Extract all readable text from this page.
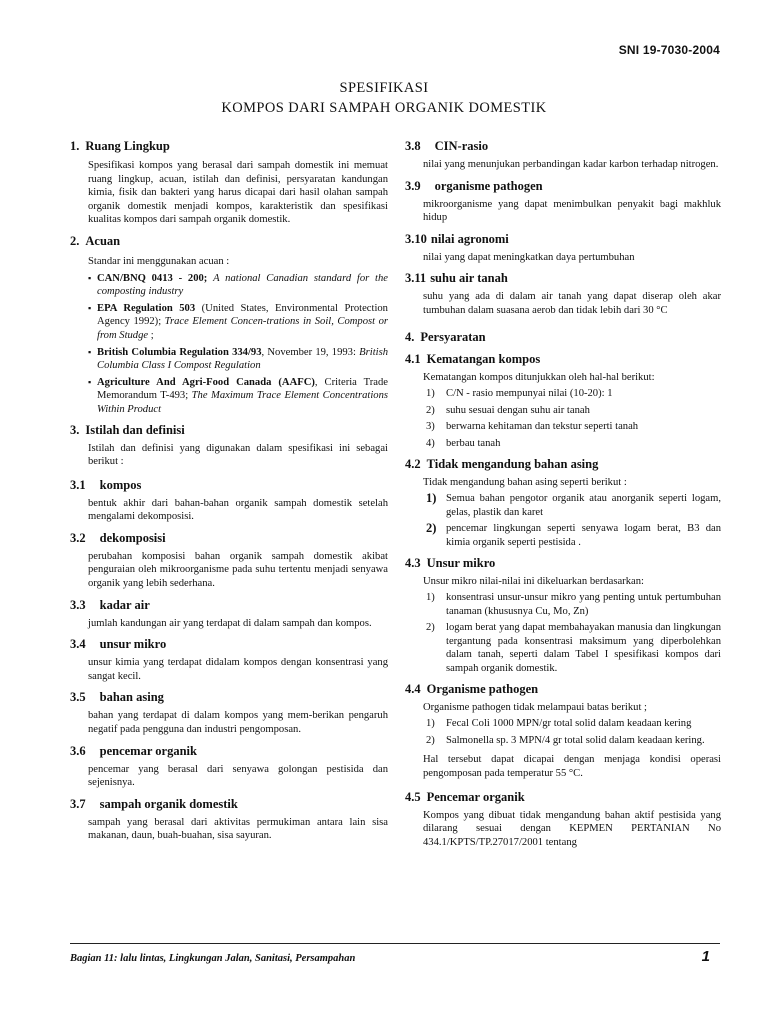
SNI 19-7030-2004
SPESIFIKASI
KOMPOS DARI SAMPAH ORGANIK DOMESTIK
1. Ruang Lingkup
Spesifikasi kompos yang berasal dari sampah domestik ini memuat ruang lingkup, acuan, istilah dan definisi, persyaratan kandungan kimia, fisik dan bakteri yang harus dicapai dari hasil olahan sampah organik domestik menjadi kompos, karakteristik dan spesifikasi kualitas kompos dari sampah organik domestik.
2. Acuan
Standar ini menggunakan acuan :
▪ CAN/BNQ 0413 - 200; A national Canadian standard for the composting industry
▪ EPA Regulation 503 (United States, Environmental Protection Agency 1992); Trace Element Concen-trations in Soil, Compost or from Studge ;
▪ British Columbia Regulation 334/93, November 19, 1993: British Columbia Class I Compost Regulation
▪ Agriculture And Agri-Food Canada (AAFC), Criteria Trade Memorandum T-493; The Maximum Trace Element Concentrations Within Product
3. Istilah dan definisi
Istilah dan definisi yang digunakan dalam spesifikasi ini sebagai berikut :
3.1 kompos
bentuk akhir dari bahan-bahan organik sampah domestik setelah mengalami dekomposisi.
3.2 dekomposisi
perubahan komposisi bahan organik sampah domestik akibat penguraian oleh mikroorganisme pada suhu tertentu menjadi senyawa organik yang lebih sederhana.
3.3 kadar air
jumlah kandungan air yang terdapat di dalam sampah dan kompos.
3.4 unsur mikro
unsur kimia yang terdapat didalam kompos dengan konsentrasi yang sangat kecil.
3.5 bahan asing
bahan yang terdapat di dalam kompos yang mem-berikan pengaruh negatif pada pengguna dan industri pengomposan.
3.6 pencemar organik
pencemar yang berasal dari senyawa golongan pestisida dan sejenisnya.
3.7 sampah organik domestik
sampah yang berasal dari aktivitas permukiman antara lain sisa makanan, daun, buah-buahan, sisa sayuran.
3.8 CIN-rasio
nilai yang menunjukan perbandingan kadar karbon terhadap nitrogen.
3.9 organisme pathogen
mikroorganisme yang dapat menimbulkan penyakit bagi makhluk hidup
3.10 nilai agronomi
nilai yang dapat meningkatkan daya pertumbuhan
3.11 suhu air tanah
suhu yang ada di dalam air tanah yang dapat diserap oleh akar tumbuhan dalam suasana aerob dan tidak lebih dari 30 °C
4. Persyaratan
4.1 Kematangan kompos
Kematangan kompos ditunjukkan oleh hal-hal berikut:
1) C/N - rasio mempunyai nilai (10-20): 1
2) suhu sesuai dengan suhu air tanah
3) berwarna kehitaman dan tekstur seperti tanah
4) berbau tanah
4.2 Tidak mengandung bahan asing
Tidak mengandung bahan asing seperti berikut :
1) Semua bahan pengotor organik atau anorganik seperti logam, gelas, plastik dan karet
2) pencemar lingkungan seperti senyawa logam berat, B3 dan kimia organik seperti pestisida .
4.3 Unsur mikro
Unsur mikro nilai-nilai ini dikeluarkan berdasarkan:
1) konsentrasi unsur-unsur mikro yang penting untuk pertumbuhan tanaman (khususnya Cu, Mo, Zn)
2) logam berat yang dapat membahayakan manusia dan lingkungan tergantung pada konsentrasi maksimum yang diperbolehkan dalam tanah, seperti dalam Tabel I spesifikasi kompos dari sampah organik domestik.
4.4 Organisme pathogen
Organisme pathogen tidak melampaui batas berikut ;
1) Fecal Coli 1000 MPN/gr total solid dalam keadaan kering
2) Salmonella sp. 3 MPN/4 gr total solid dalam keadaan kering.
Hal tersebut dapat dicapai dengan menjaga kondisi operasi pengomposan pada temperatur 55 °C.
4.5 Pencemar organik
Kompos yang dibuat tidak mengandung bahan aktif pestisida yang dilarang sesuai dengan KEPMEN PERTANIAN No 434.1/KPTS/TP.27017/2001 tentang
Bagian 11: lalu lintas, Lingkungan Jalan, Sanitasi, Persampahan	1
